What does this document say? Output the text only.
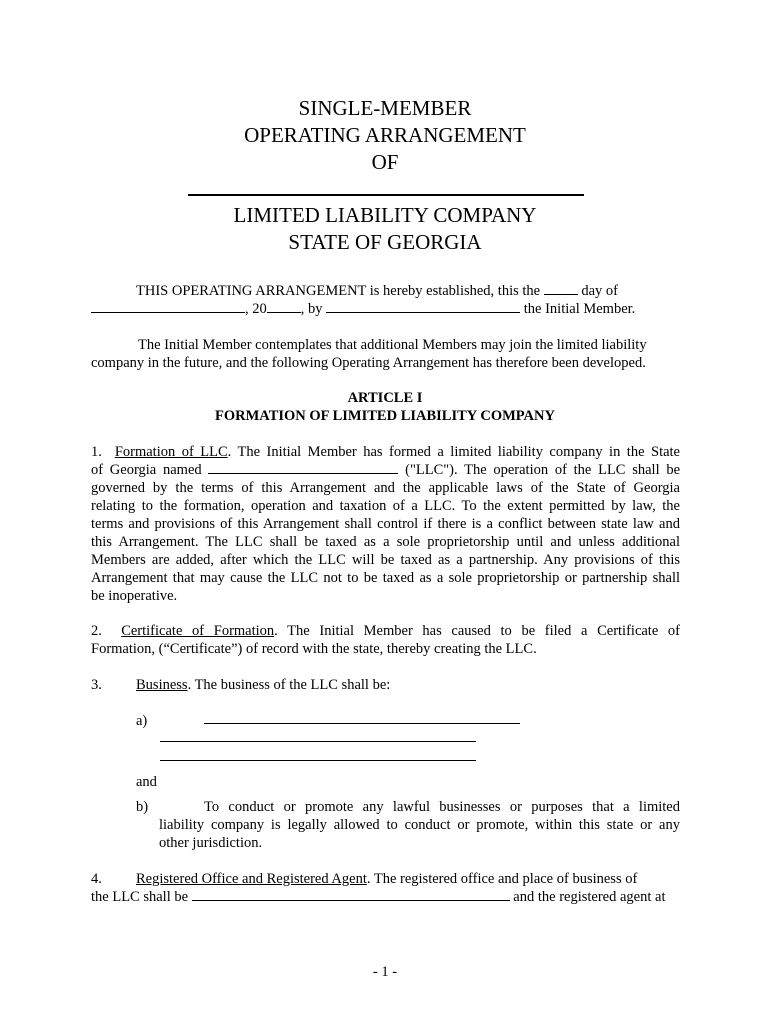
SINGLE-MEMBER
OPERATING ARRANGEMENT
OF
LIMITED LIABILITY COMPANY
STATE OF GEORGIA

THIS OPERATING ARRANGEMENT is hereby established, this the	day of

, 20 , by	the Initial Member.

The Initial Member contemplates that additional Members may join the limited liability

company in the future, and the following Operating Arrangement has therefore been developed.

ARTICLE I

FORMATION OF LIMITED LIABILITY COMPANY

1. Formation of LLC. The Initial Member has formed a limited liability company in the State

of Georgia named	("LLC"). The operation of the LLC shall be

governed by the terms of this Arrangement and the applicable laws of the State of Georgia

relating to the formation, operation and taxation of a LLC. To the extent permitted by law, the

terms and provisions of this Arrangement shall control if there is a conflict between state law and

this Arrangement. The LLC shall be taxed as a sole proprietorship until and unless additional

Members are added, after which the LLC will be taxed as a partnership. Any provisions of this

Arrangement that may cause the LLC not to be taxed as a sole proprietorship or partnership shall

be inoperative.

2. Certificate of Formation. The Initial Member has caused to be filed a Certificate of

Formation, (“Certificate”) of record with the state, thereby creating the LLC.

3. Business. The business of the LLC shall be:

a)

and

b)	To conduct or promote any lawful businesses or purposes that a limited

liability company is legally allowed to conduct or promote, within this state or any

other jurisdiction.

4. Registered Office and Registered Agent. The registered office and place of business of

the LLC shall be	and the registered agent at

- 1 -
